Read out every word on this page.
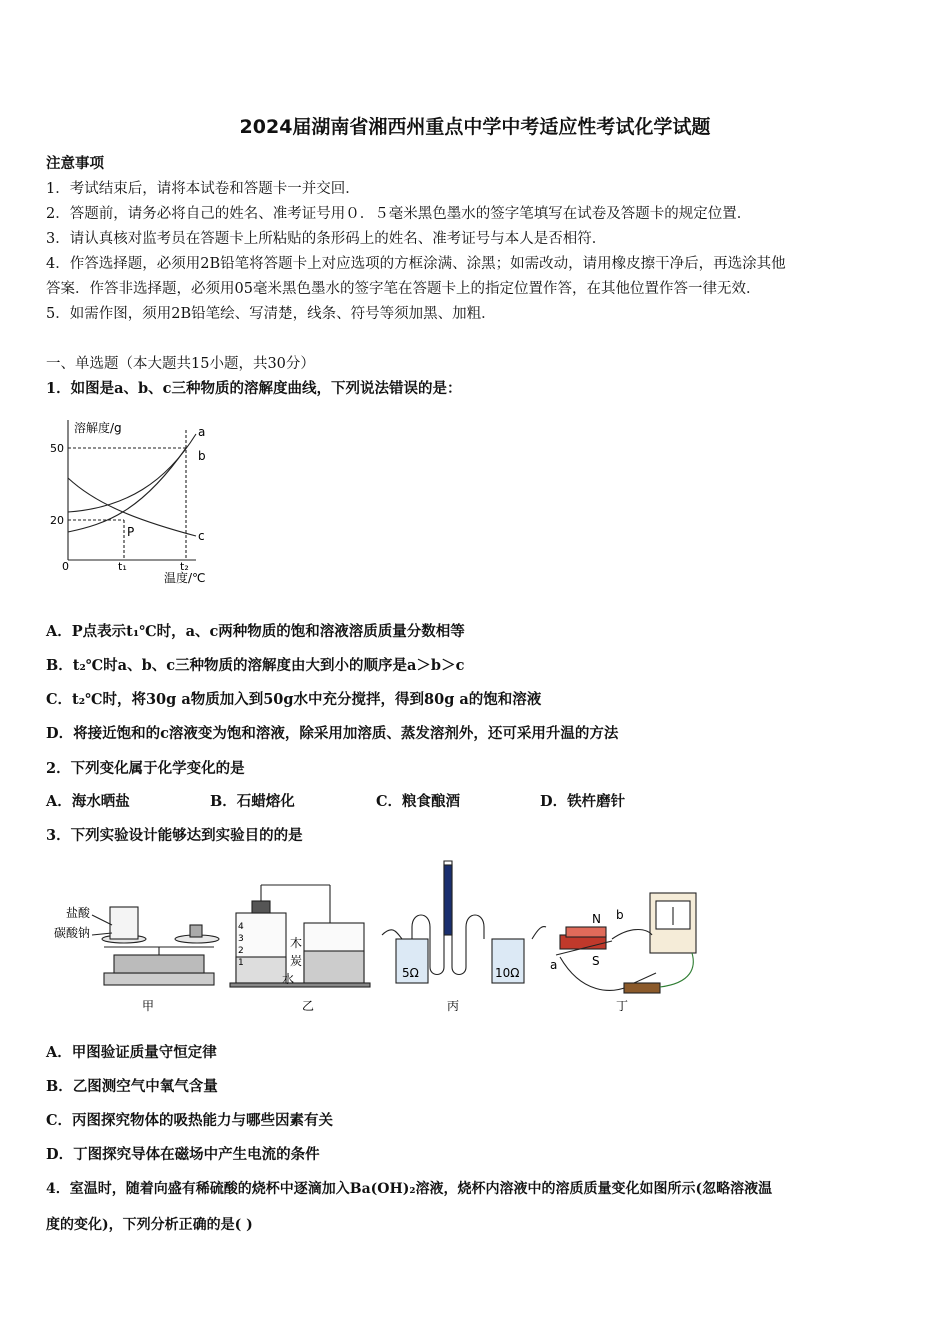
2024届湖南省湘西州重点中学中考适应性考试化学试题
注意事项
1．考试结束后，请将本试卷和答题卡一并交回．
2．答题前，请务必将自己的姓名、准考证号用０．５毫米黑色墨水的签字笔填写在试卷及答题卡的规定位置．
3．请认真核对监考员在答题卡上所粘贴的条形码上的姓名、准考证号与本人是否相符．
4．作答选择题，必须用2B铅笔将答题卡上对应选项的方框涂满、涂黑；如需改动，请用橡皮擦干净后，再选涂其他
答案．作答非选择题，必须用05毫米黑色墨水的签字笔在答题卡上的指定位置作答，在其他位置作答一律无效．
5．如需作图，须用2B铅笔绘、写清楚，线条、符号等须加黑、加粗．
一、单选题（本大题共15小题，共30分）
1．如图是a、b、c三种物质的溶解度曲线，下列说法错误的是：
溶解度/g
50
20
0	t₁	t₂
温度/℃
a
b
c
P
A．P点表示t₁℃时，a、c两种物质的饱和溶液溶质质量分数相等
B．t₂℃时a、b、c三种物质的溶解度由大到小的顺序是a＞b＞c
C．t₂℃时，将30g a物质加入到50g水中充分搅拌，得到80g a的饱和溶液
D．将接近饱和的c溶液变为饱和溶液，除采用加溶质、蒸发溶剂外，还可采用升温的方法
2．下列变化属于化学变化的是
A．海水晒盐	B．石蜡熔化	C．粮食酿酒	D．铁杵磨针
3．下列实验设计能够达到实验目的的是
盐酸
碳酸钠
甲
4
3
2
1
木
炭
水
乙
5Ω	10Ω
丙
N b
S
a
丁
A．甲图验证质量守恒定律
B．乙图测空气中氧气含量
C．丙图探究物体的吸热能力与哪些因素有关
D．丁图探究导体在磁场中产生电流的条件
4．室温时，随着向盛有稀硫酸的烧杯中逐滴加入Ba(OH)₂溶液，烧杯内溶液中的溶质质量变化如图所示(忽略溶液温
度的变化)，下列分析正确的是( )
